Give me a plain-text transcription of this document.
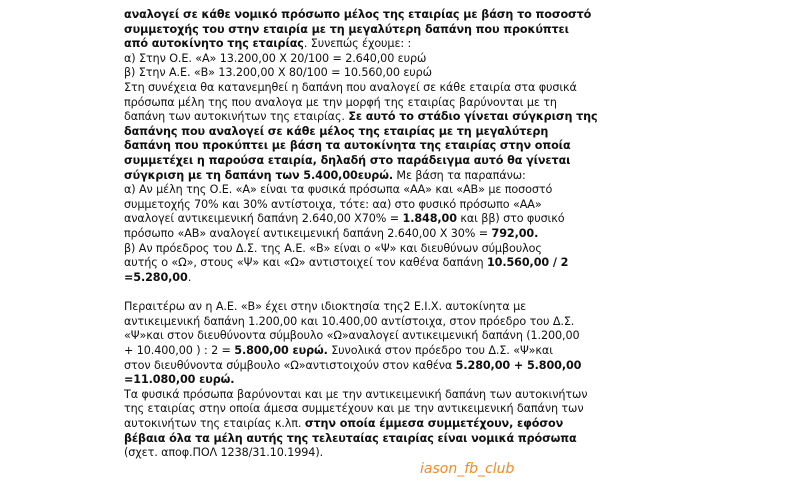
αναλογεί σε κάθε νομικό πρόσωπο μέλος της εταιρίας με βάση το ποσοστό
συμμετοχής του στην εταιρία με τη μεγαλύτερη δαπάνη που προκύπτει
από αυτοκίνητο της εταιρίας. Συνεπώς έχουμε: :
α) Στην Ο.Ε. «Α» 13.200,00 Χ 20/100 = 2.640,00 ευρώ
β) Στην Α.Ε. «Β» 13.200,00 Χ 80/100 = 10.560,00 ευρώ
Στη συνέχεια θα κατανεμηθεί η δαπάνη που αναλογεί σε κάθε εταιρία στα φυσικά
πρόσωπα μέλη της που αναλογα με την μορφή της εταιρίας βαρύνονται με τη
δαπάνη των αυτοκινήτων της εταιρίας. Σε αυτό το στάδιο γίνεται σύγκριση της
δαπάνης που αναλογεί σε κάθε μέλος της εταιρίας με τη μεγαλύτερη
δαπάνη που προκύπτει με βάση τα αυτοκίνητα της εταιρίας στην οποία
συμμετέχει η παρούσα εταιρία, δηλαδή στο παράδειγμα αυτό θα γίνεται
σύγκριση με τη δαπάνη των 5.400,00ευρώ. Με βάση τα παραπάνω:
α) Αν μέλη της Ο.Ε. «Α» είναι τα φυσικά πρόσωπα «ΑΑ» και «ΑΒ» με ποσοστό
συμμετοχής 70% και 30% αντίστοιχα, τότε: αα) στο φυσικό πρόσωπο «ΑΑ»
αναλογεί αντικειμενική δαπάνη 2.640,00 Χ70% = 1.848,00 και ββ) στο φυσικό
πρόσωπο «ΑΒ» αναλογεί αντικειμενική δαπάνη 2.640,00 Χ 30% = 792,00.
β) Αν πρόεδρος του Δ.Σ. της Α.Ε. «Β» είναι ο «Ψ» και διευθύνων σύμβουλος
αυτής ο «Ω», στους «Ψ» και «Ω» αντιστοιχεί τον καθένα δαπάνη 10.560,00 / 2
=5.280,00.
Περαιτέρω αν η Α.Ε. «Β» έχει στην ιδιοκτησία της2 Ε.Ι.Χ. αυτοκίνητα με
αντικειμενική δαπάνη 1.200,00 και 10.400,00 αντίστοιχα, στον πρόεδρο του Δ.Σ.
«Ψ»και στον διευθύνοντα σύμβουλο «Ω»αναλογεί αντικειμενική δαπάνη (1.200,00
+ 10.400,00 ) : 2 = 5.800,00 ευρώ. Συνολικά στον πρόεδρο του Δ.Σ. «Ψ»και
στον διευθύνοντα σύμβουλο «Ω»αντιστοιχούν στον καθένα 5.280,00 + 5.800,00
=11.080,00 ευρώ.
Τα φυσικά πρόσωπα βαρύνονται και με την αντικειμενική δαπάνη των αυτοκινήτων
της εταιρίας στην οποία άμεσα συμμετέχουν και με την αντικειμενική δαπάνη των
αυτοκινήτων της εταιρίας κ.λπ. στην οποία έμμεσα συμμετέχουν, εφόσον
βέβαια όλα τα μέλη αυτής της τελευταίας εταιρίας είναι νομικά πρόσωπα
(σχετ. αποφ.ΠΟΛ 1238/31.10.1994).
iason_fb_club
